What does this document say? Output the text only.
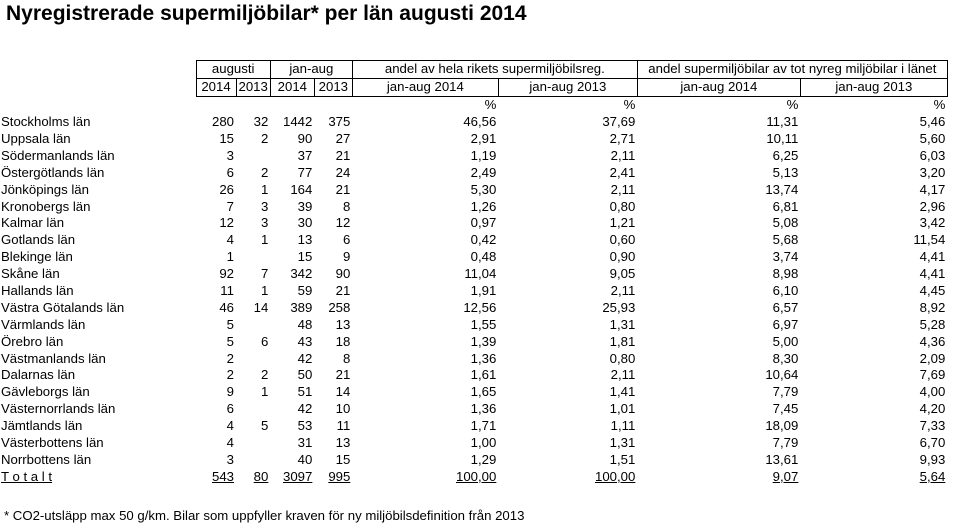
Nyregistrerade supermiljöbilar* per län augusti 2014
	augusti		jan-aug		andel av hela rikets supermiljöbilsreg.		andel supermiljöbilar av tot nyreg miljöbilar i länet	
	2014	2013	2014	2013	jan-aug 2014	jan-aug 2013	jan-aug 2014	jan-aug 2013
					%	%	%	%
Stockholms län	280	32	1442	375	46,56	37,69	11,31	5,46
Uppsala län	15	2	90	27	2,91	2,71	10,11	5,60
Södermanlands län	3		37	21	1,19	2,11	6,25	6,03
Östergötlands län	6	2	77	24	2,49	2,41	5,13	3,20
Jönköpings län	26	1	164	21	5,30	2,11	13,74	4,17
Kronobergs län	7	3	39	8	1,26	0,80	6,81	2,96
Kalmar län	12	3	30	12	0,97	1,21	5,08	3,42
Gotlands län	4	1	13	6	0,42	0,60	5,68	11,54
Blekinge län	1		15	9	0,48	0,90	3,74	4,41
Skåne län	92	7	342	90	11,04	9,05	8,98	4,41
Hallands län	11	1	59	21	1,91	2,11	6,10	4,45
Västra Götalands län	46	14	389	258	12,56	25,93	6,57	8,92
Värmlands län	5		48	13	1,55	1,31	6,97	5,28
Örebro län	5	6	43	18	1,39	1,81	5,00	4,36
Västmanlands län	2		42	8	1,36	0,80	8,30	2,09
Dalarnas län	2	2	50	21	1,61	2,11	10,64	7,69
Gävleborgs län	9	1	51	14	1,65	1,41	7,79	4,00
Västernorrlands län	6		42	10	1,36	1,01	7,45	4,20
Jämtlands län	4	5	53	11	1,71	1,11	18,09	7,33
Västerbottens län	4		31	13	1,00	1,31	7,79	6,70
Norrbottens län	3		40	15	1,29	1,51	13,61	9,93
T o t a l t	543	80	3097	995	100,00	100,00	9,07	5,64
* CO2-utsläpp max 50 g/km. Bilar som uppfyller kraven för ny miljöbilsdefinition från 2013
